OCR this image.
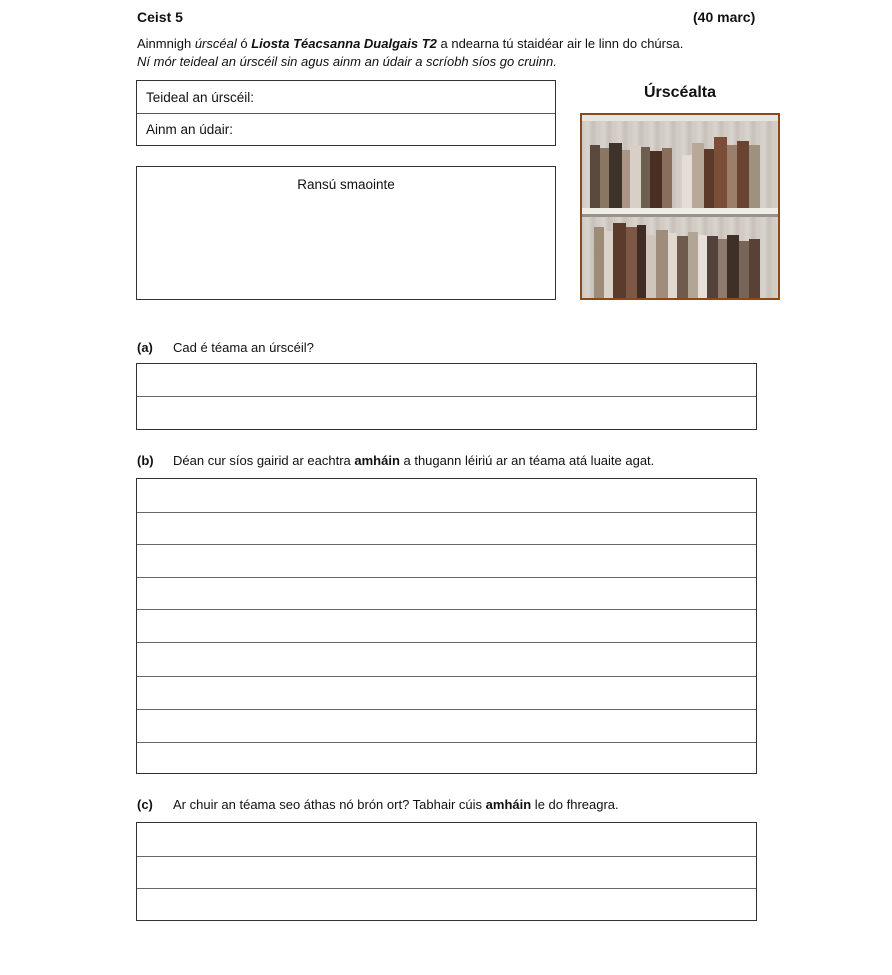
Ceist 5	(40 marc)
Ainmnigh úrscéal ó Liosta Téacsanna Dualgais T2 a ndearna tú staidéar air le linn do chúrsa.
Ní mór teideal an úrscéil sin agus ainm an údair a scríobh síos go cruinn.
Teideal an úrscéil:
Ainm an údair:
Ransú smaointe
Úrscéalta
(a) Cad é téama an úrscéil?
(b) Déan cur síos gairid ar eachtra amháin a thugann léiriú ar an téama atá luaite agat.
(c) Ar chuir an téama seo áthas nó brón ort? Tabhair cúis amháin le do fhreagra.
